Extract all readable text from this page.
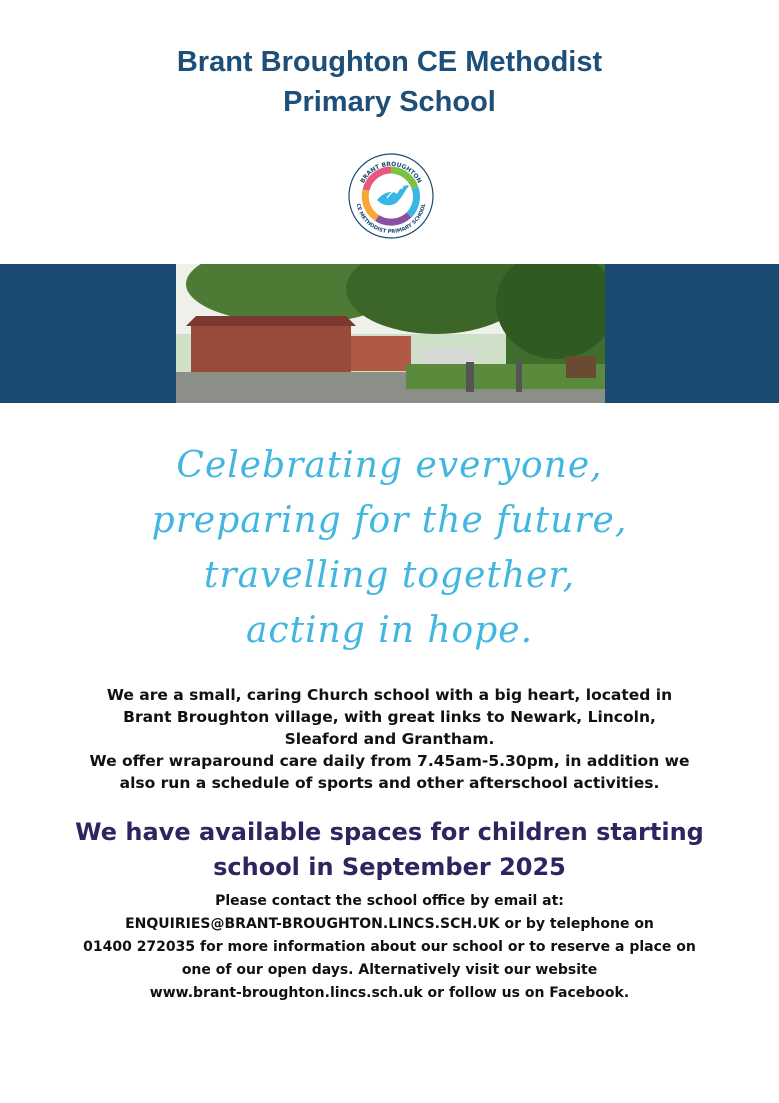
Brant Broughton CE Methodist
Primary School
BRANT BROUGHTON
CE METHODIST PRIMARY SCHOOL
Celebrating everyone,
preparing for the future,
travelling together,
acting in hope.
We are a small, caring Church school with a big heart, located in
Brant Broughton village, with great links to Newark, Lincoln,
Sleaford and Grantham.
We offer wraparound care daily from 7.45am-5.30pm, in addition we
also run a schedule of sports and other afterschool activities.
We have available spaces for children starting
school in September 2025
Please contact the school office by email at:
ENQUIRIES@BRANT-BROUGHTON.LINCS.SCH.UK or by telephone on
01400 272035 for more information about our school or to reserve a place on
one of our open days. Alternatively visit our website
www.brant-broughton.lincs.sch.uk or follow us on Facebook.
